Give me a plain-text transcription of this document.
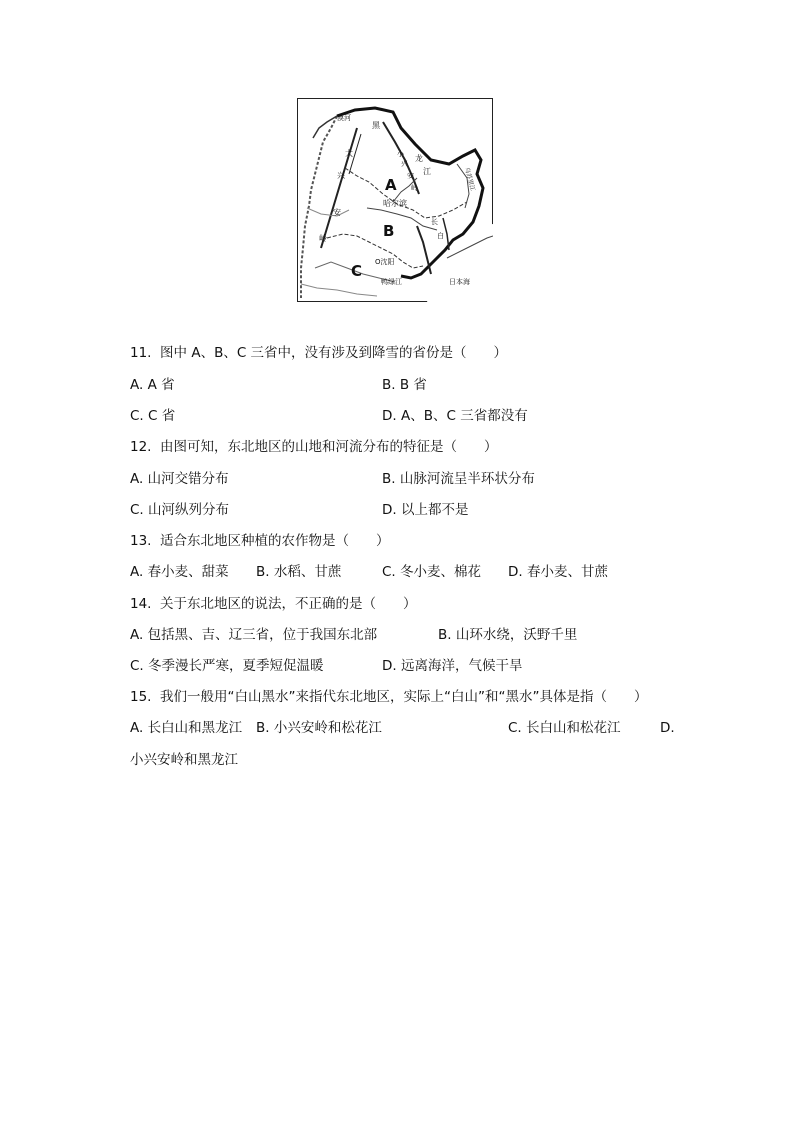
漠河
黑
龙
江
大
兴
安
岭
小
兴
安
岭
哈尔滨
长
白
O沈阳
鸭绿江	日本海
A
B
C
乌苏里江
11.  图中 A、B、C 三省中，没有涉及到降雪的省份是（　　）
A. A 省	B. B 省
C. C 省	D. A、B、C 三省都没有
12.  由图可知，东北地区的山地和河流分布的特征是（　　）
A. 山河交错分布	B. 山脉河流呈半环状分布
C. 山河纵列分布	D. 以上都不是
13.  适合东北地区种植的农作物是（　　）
A. 春小麦、甜菜 B. 水稻、甘蔗	C. 冬小麦、棉花 D. 春小麦、甘蔗
14.  关于东北地区的说法，不正确的是（　　）
A. 包括黑、吉、辽三省，位于我国东北部	B. 山环水绕，沃野千里
C. 冬季漫长严寒，夏季短促温暖	D. 远离海洋，气候干旱
15.  我们一般用“白山黑水”来指代东北地区，实际上“白山”和“黑水”具体是指（　　）
A. 长白山和黑龙江 B. 小兴安岭和松花江	C. 长白山和松花江	D.
小兴安岭和黑龙江
